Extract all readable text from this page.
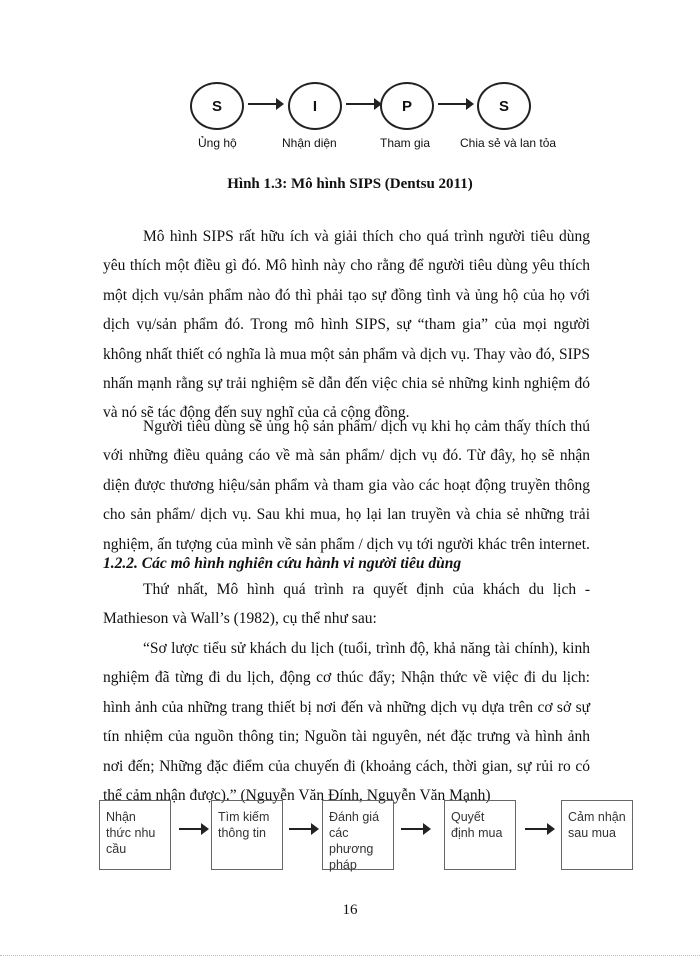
S	I	P	S
Ủng hộ	Nhận diện	Tham gia Chia sẻ và lan tỏa
Hình 1.3: Mô hình SIPS (Dentsu 2011)

Mô hình SIPS rất hữu ích và giải thích cho quá trình người tiêu dùng yêu thích một điều gì đó. Mô hình này cho rằng để người tiêu dùng yêu thích một dịch vụ/sản phẩm nào đó thì phải tạo sự đồng tình và ủng hộ của họ với dịch vụ/sản phẩm đó. Trong mô hình SIPS, sự “tham gia” của mọi người không nhất thiết có nghĩa là mua một sản phẩm và dịch vụ. Thay vào đó, SIPS nhấn mạnh rằng sự trải nghiệm sẽ dẫn đến việc chia sẻ những kinh nghiệm đó và nó sẽ tác động đến suy nghĩ của cả cộng đồng.

Người tiêu dùng sẽ ủng hộ sản phẩm/ dịch vụ khi họ cảm thấy thích thú với những điều quảng cáo về mà sản phẩm/ dịch vụ đó. Từ đây, họ sẽ nhận diện được thương hiệu/sản phẩm và tham gia vào các hoạt động truyền thông cho sản phẩm/ dịch vụ. Sau khi mua, họ lại lan truyền và chia sẻ những trải nghiệm, ấn tượng của mình về sản phẩm / dịch vụ tới người khác trên internet.

1.2.2. Các mô hình nghiên cứu hành vi người tiêu dùng

Thứ nhất, Mô hình quá trình ra quyết định của khách du lịch - Mathieson và Wall’s (1982), cụ thể như sau:

“Sơ lược tiểu sử khách du lịch (tuổi, trình độ, khả năng tài chính), kinh nghiệm đã từng đi du lịch, động cơ thúc đẩy; Nhận thức về việc đi du lịch: hình ảnh của những trang thiết bị nơi đến và những dịch vụ dựa trên cơ sở sự tín nhiệm của nguồn thông tin; Nguồn tài nguyên, nét đặc trưng và hình ảnh nơi đến; Những đặc điểm của chuyến đi (khoảng cách, thời gian, sự rủi ro có thể cảm nhận được).” (Nguyễn Văn Đính, Nguyễn Văn Mạnh)

Nhận thức nhu cầu
Tìm kiếm thông tin
Đánh giá các phương pháp
Quyết định mua
Cảm nhận sau mua
16
